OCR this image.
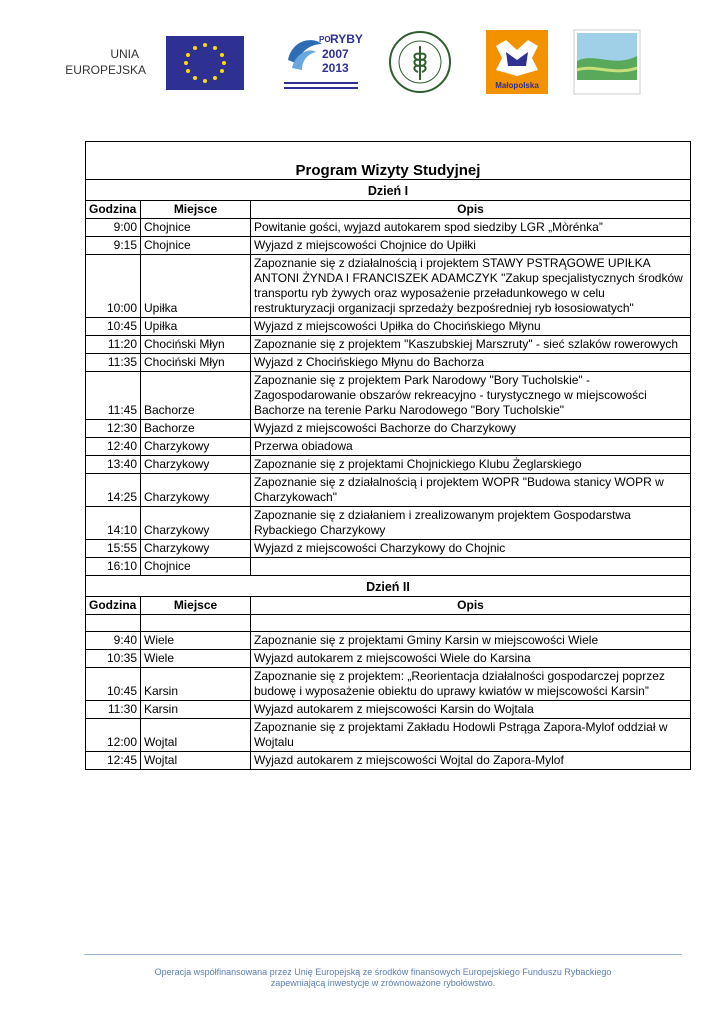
UNIA
EUROPEJSKA
PO RYBY
2007
2013
Małopolska
Program Wizyty Studyjnej		
Dzień I		
Godzina	Miejsce	Opis
9:00	Chojnice	Powitanie gości, wyjazd autokarem spod siedziby LGR „Mòrénka”
9:15	Chojnice	Wyjazd z miejscowości Chojnice do Upiłki
10:00	Upiłka	Zapoznanie się z działalnością i projektem STAWY PSTRĄGOWE UPIŁKA ANTONI ŻYNDA I FRANCISZEK ADAMCZYK "Zakup specjalistycznych środków transportu ryb żywych oraz wyposażenie przeładunkowego w celu restrukturyzacji organizacji sprzedaży bezpośredniej ryb łososiowatych"
10:45	Upiłka	Wyjazd z miejscowości Upiłka do Chocińskiego Młynu
11:20	Chociński Młyn	Zapoznanie się z projektem "Kaszubskiej Marszruty" - sieć szlaków rowerowych
11:35	Chociński Młyn	Wyjazd z Chocińskiego Młynu do Bachorza
11:45	Bachorze	Zapoznanie się z projektem Park Narodowy "Bory Tucholskie" - Zagospodarowanie obszarów rekreacyjno - turystycznego w miejscowości Bachorze na terenie Parku Narodowego "Bory Tucholskie"
12:30	Bachorze	Wyjazd z miejscowości Bachorze do Charzykowy
12:40	Charzykowy	Przerwa obiadowa
13:40	Charzykowy	Zapoznanie się z projektami Chojnickiego Klubu Żeglarskiego
14:25	Charzykowy	Zapoznanie się z działalnością i projektem WOPR "Budowa stanicy WOPR w Charzykowach"
14:10	Charzykowy	Zapoznanie się z działaniem i zrealizowanym projektem Gospodarstwa Rybackiego Charzykowy
15:55	Charzykowy	Wyjazd z miejscowości Charzykowy do Chojnic
16:10	Chojnice	
Dzień II		
Godzina	Miejsce	Opis

9:40	Wiele	Zapoznanie się z projektami Gminy Karsin w miejscowości Wiele
10:35	Wiele	Wyjazd autokarem z miejscowości Wiele do Karsina
10:45	Karsin	Zapoznanie się z projektem: „Reorientacja działalności gospodarczej poprzez budowę i wyposażenie obiektu do uprawy kwiatów w miejscowości Karsin”
11:30	Karsin	Wyjazd autokarem z miejscowości Karsin do Wojtala
12:00	Wojtal	Zapoznanie się z projektami Zakładu Hodowli Pstrąga Zapora-Mylof oddział w Wojtalu
12:45	Wojtal	Wyjazd autokarem z miejscowości Wojtal do Zapora-Mylof
Operacja współfinansowana przez Unię Europejską ze środków finansowych Europejskiego Funduszu Rybackiego
zapewniającą inwestycje w zrównoważone rybołówstwo.
